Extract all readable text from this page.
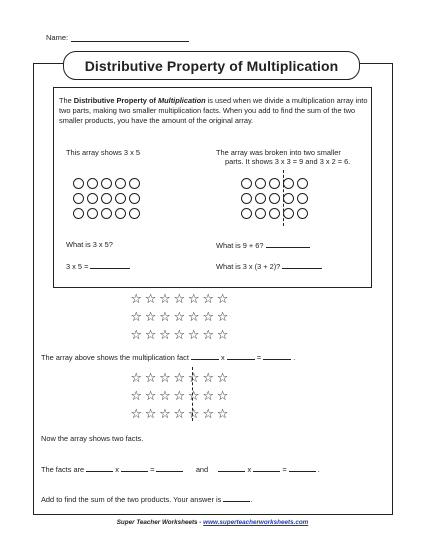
Name:
Distributive Property of Multiplication
The Distributive Property of Multiplication is used when we divide a multiplication array into two parts, making two smaller multiplication facts. When you add to find the sum of the two smaller products, you have the amount of the original array.
This array shows 3 x 5	The array was broken into two smaller
parts. It shows 3 x 3 = 9 and 3 x 2 = 6.
What is 3 x 5?
3 x 5 =
What is 9 + 6?
What is 3 x (3 + 2)?
☆ ☆ ☆ ☆ ☆ ☆ ☆
☆ ☆ ☆ ☆ ☆ ☆ ☆
☆ ☆ ☆ ☆ ☆ ☆ ☆
The array above shows the multiplication fact	x	=	.
☆ ☆ ☆ ☆ ☆ ☆ ☆
☆ ☆ ☆ ☆ ☆ ☆ ☆
☆ ☆ ☆ ☆ ☆ ☆ ☆
Now the array shows two facts.
The facts are	x	=	and	x	=	.
Add to find the sum of the two products. Your answer is	.
Super Teacher Worksheets - www.superteacherworksheets.com
